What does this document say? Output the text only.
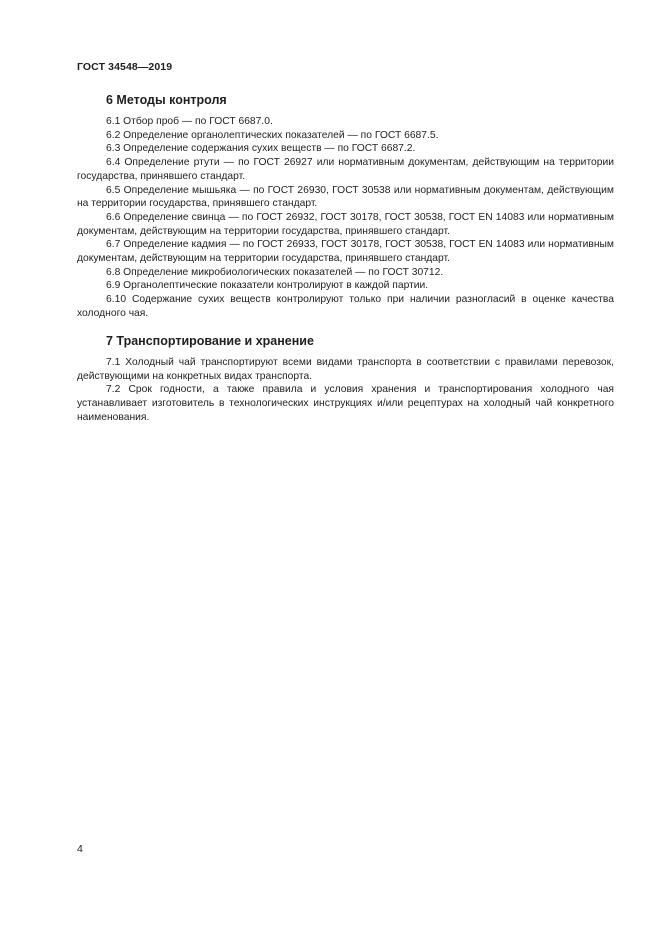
ГОСТ 34548—2019
6 Методы контроля

6.1 Отбор проб — по ГОСТ 6687.0.

6.2 Определение органолептических показателей — по ГОСТ 6687.5.

6.3 Определение содержания сухих веществ — по ГОСТ 6687.2.

6.4 Определение ртути — по ГОСТ 26927 или нормативным документам, действующим на территории государства, принявшего стандарт.

6.5 Определение мышьяка — по ГОСТ 26930, ГОСТ 30538 или нормативным документам, действующим на территории государства, принявшего стандарт.

6.6 Определение свинца — по ГОСТ 26932, ГОСТ 30178, ГОСТ 30538, ГОСТ EN 14083 или нормативным документам, действующим на территории государства, принявшего стандарт.

6.7 Определение кадмия — по ГОСТ 26933, ГОСТ 30178, ГОСТ 30538, ГОСТ EN 14083 или нормативным документам, действующим на территории государства, принявшего стандарт.

6.8 Определение микробиологических показателей — по ГОСТ 30712.

6.9 Органолептические показатели контролируют в каждой партии.

6.10 Содержание сухих веществ контролируют только при наличии разногласий в оценке качества холодного чая.

7 Транспортирование и хранение

7.1 Холодный чай транспортируют всеми видами транспорта в соответствии с правилами перевозок, действующими на конкретных видах транспорта.

7.2 Срок годности, а также правила и условия хранения и транспортирования холодного чая устанавливает изготовитель в технологических инструкциях и/или рецептурах на холодный чай конкретного наименования.

4
